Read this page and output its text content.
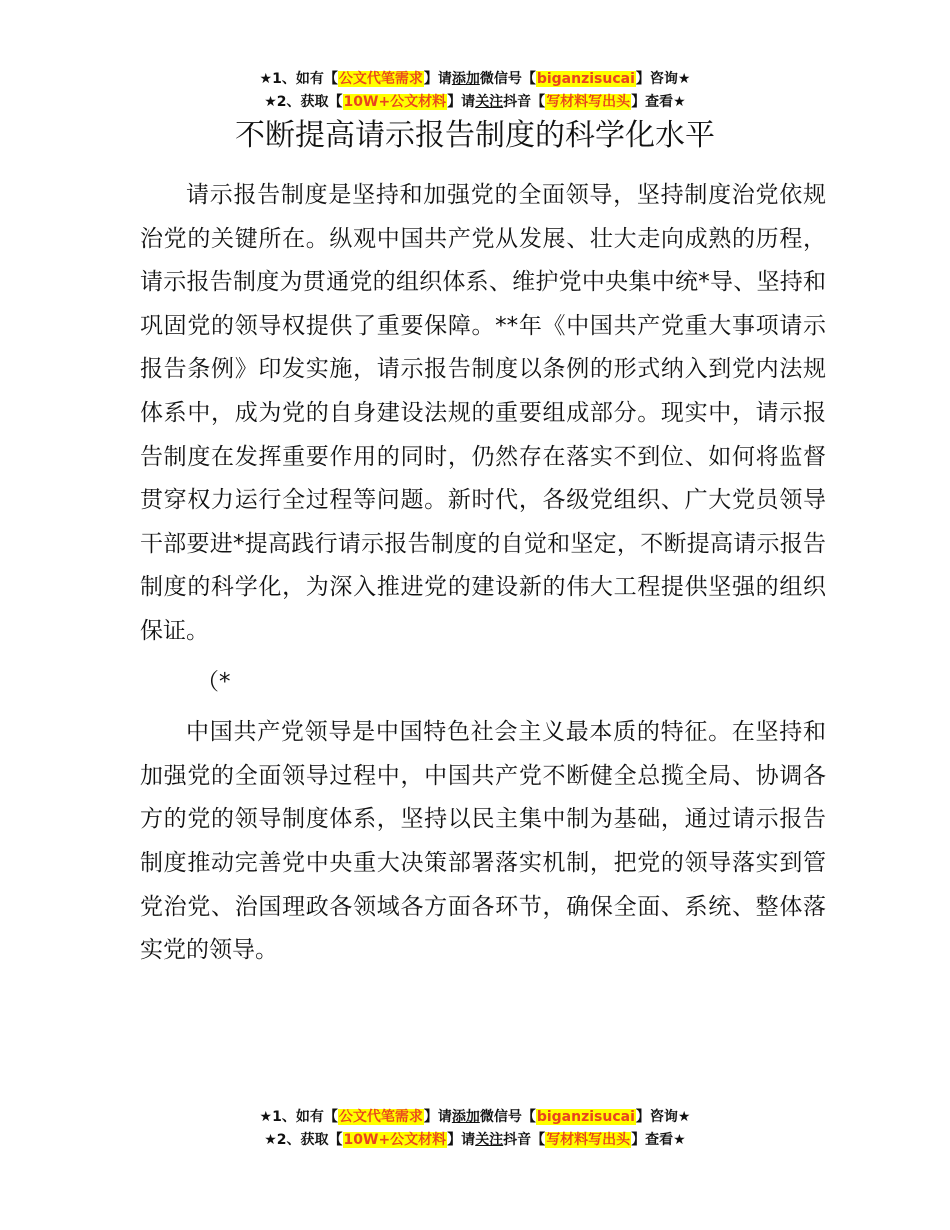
★1、如有【公文代笔需求】请添加微信号【biganzisucai】咨询★
★2、获取【10W+公文材料】请关注抖音【写材料写出头】查看★
不断提高请示报告制度的科学化水平

请示报告制度是坚持和加强党的全面领导，坚持制度治党依规治党的关键所在。纵观中国共产党从发展、壮大走向成熟的历程，请示报告制度为贯通党的组织体系、维护党中央集中统*导、坚持和巩固党的领导权提供了重要保障。**年《中国共产党重大事项请示报告条例》印发实施，请示报告制度以条例的形式纳入到党内法规体系中，成为党的自身建设法规的重要组成部分。现实中，请示报告制度在发挥重要作用的同时，仍然存在落实不到位、如何将监督贯穿权力运行全过程等问题。新时代，各级党组织、广大党员领导干部要进*提高践行请示报告制度的自觉和坚定，不断提高请示报告制度的科学化，为深入推进党的建设新的伟大工程提供坚强的组织保证。

（*

中国共产党领导是中国特色社会主义最本质的特征。在坚持和加强党的全面领导过程中，中国共产党不断健全总揽全局、协调各方的党的领导制度体系，坚持以民主集中制为基础，通过请示报告制度推动完善党中央重大决策部署落实机制，把党的领导落实到管党治党、治国理政各领域各方面各环节，确保全面、系统、整体落实党的领导。

★1、如有【公文代笔需求】请添加微信号【biganzisucai】咨询★
★2、获取【10W+公文材料】请关注抖音【写材料写出头】查看★
